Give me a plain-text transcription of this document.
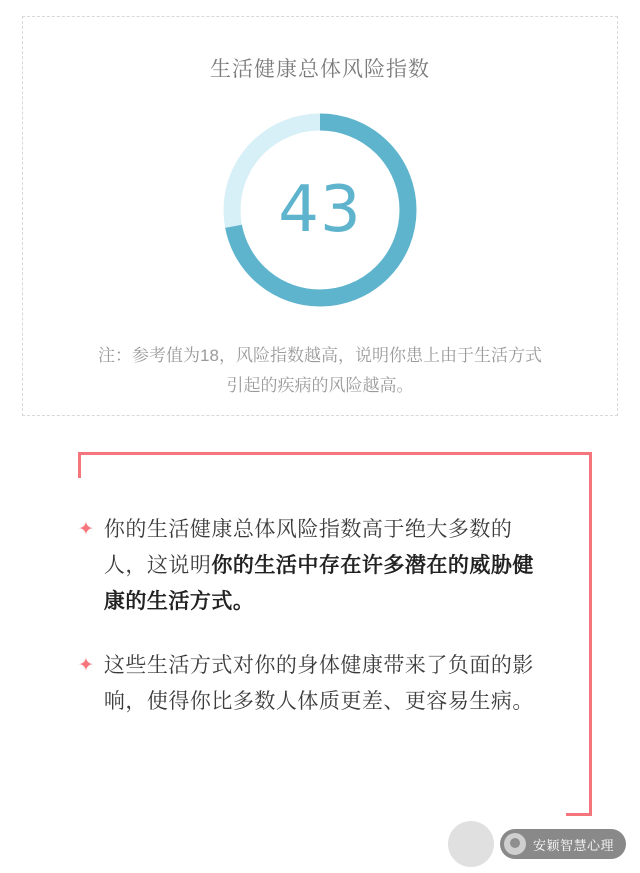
生活健康总体风险指数
43
注：参考值为18，风险指数越高，说明你患上由于生活方式
引起的疾病的风险越高。
✦ 你的生活健康总体风险指数高于绝大多数的人，这说明你的生活中存在许多潜在的威胁健康的生活方式。
✦ 这些生活方式对你的身体健康带来了负面的影响，使得你比多数人体质更差、更容易生病。
安颖智慧心理
